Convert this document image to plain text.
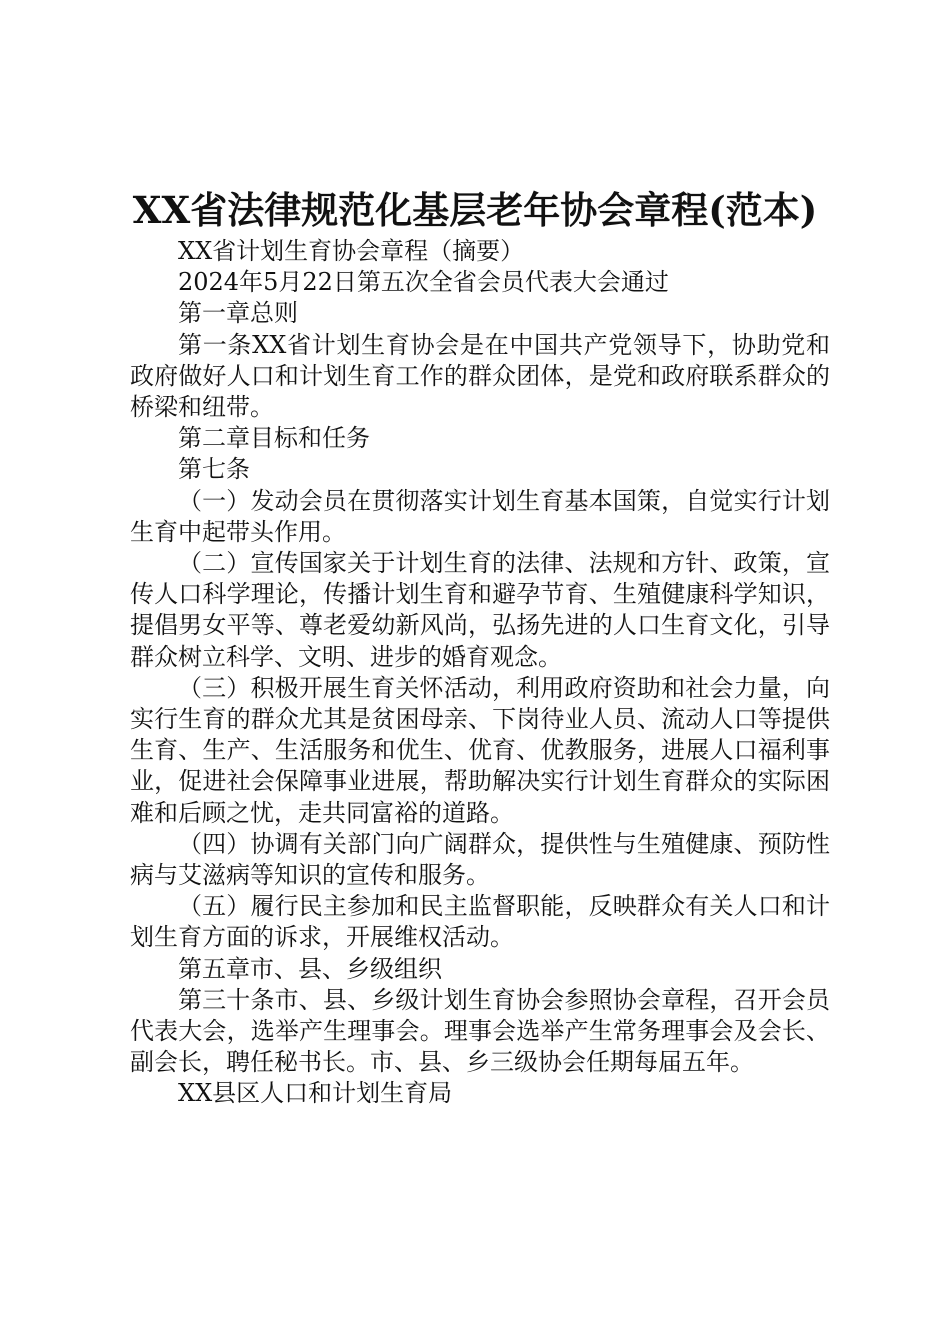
XX省法律规范化基层老年协会章程(范本)

XX省计划生育协会章程（摘要）

2024年5月22日第五次全省会员代表大会通过

第一章总则

第一条XX省计划生育协会是在中国共产党领导下，协助党和政府做好人口和计划生育工作的群众团体，是党和政府联系群众的桥梁和纽带。

第二章目标和任务

第七条

（一）发动会员在贯彻落实计划生育基本国策，自觉实行计划生育中起带头作用。

（二）宣传国家关于计划生育的法律、法规和方针、政策，宣传人口科学理论，传播计划生育和避孕节育、生殖健康科学知识，提倡男女平等、尊老爱幼新风尚，弘扬先进的人口生育文化，引导群众树立科学、文明、进步的婚育观念。

（三）积极开展生育关怀活动，利用政府资助和社会力量，向实行生育的群众尤其是贫困母亲、下岗待业人员、流动人口等提供生育、生产、生活服务和优生、优育、优教服务，进展人口福利事业，促进社会保障事业进展，帮助解决实行计划生育群众的实际困难和后顾之忧，走共同富裕的道路。

（四）协调有关部门向广阔群众，提供性与生殖健康、预防性病与艾滋病等知识的宣传和服务。

（五）履行民主参加和民主监督职能，反映群众有关人口和计划生育方面的诉求，开展维权活动。

第五章市、县、乡级组织

第三十条市、县、乡级计划生育协会参照协会章程，召开会员代表大会，选举产生理事会。理事会选举产生常务理事会及会长、副会长，聘任秘书长。市、县、乡三级协会任期每届五年。

XX县区人口和计划生育局
